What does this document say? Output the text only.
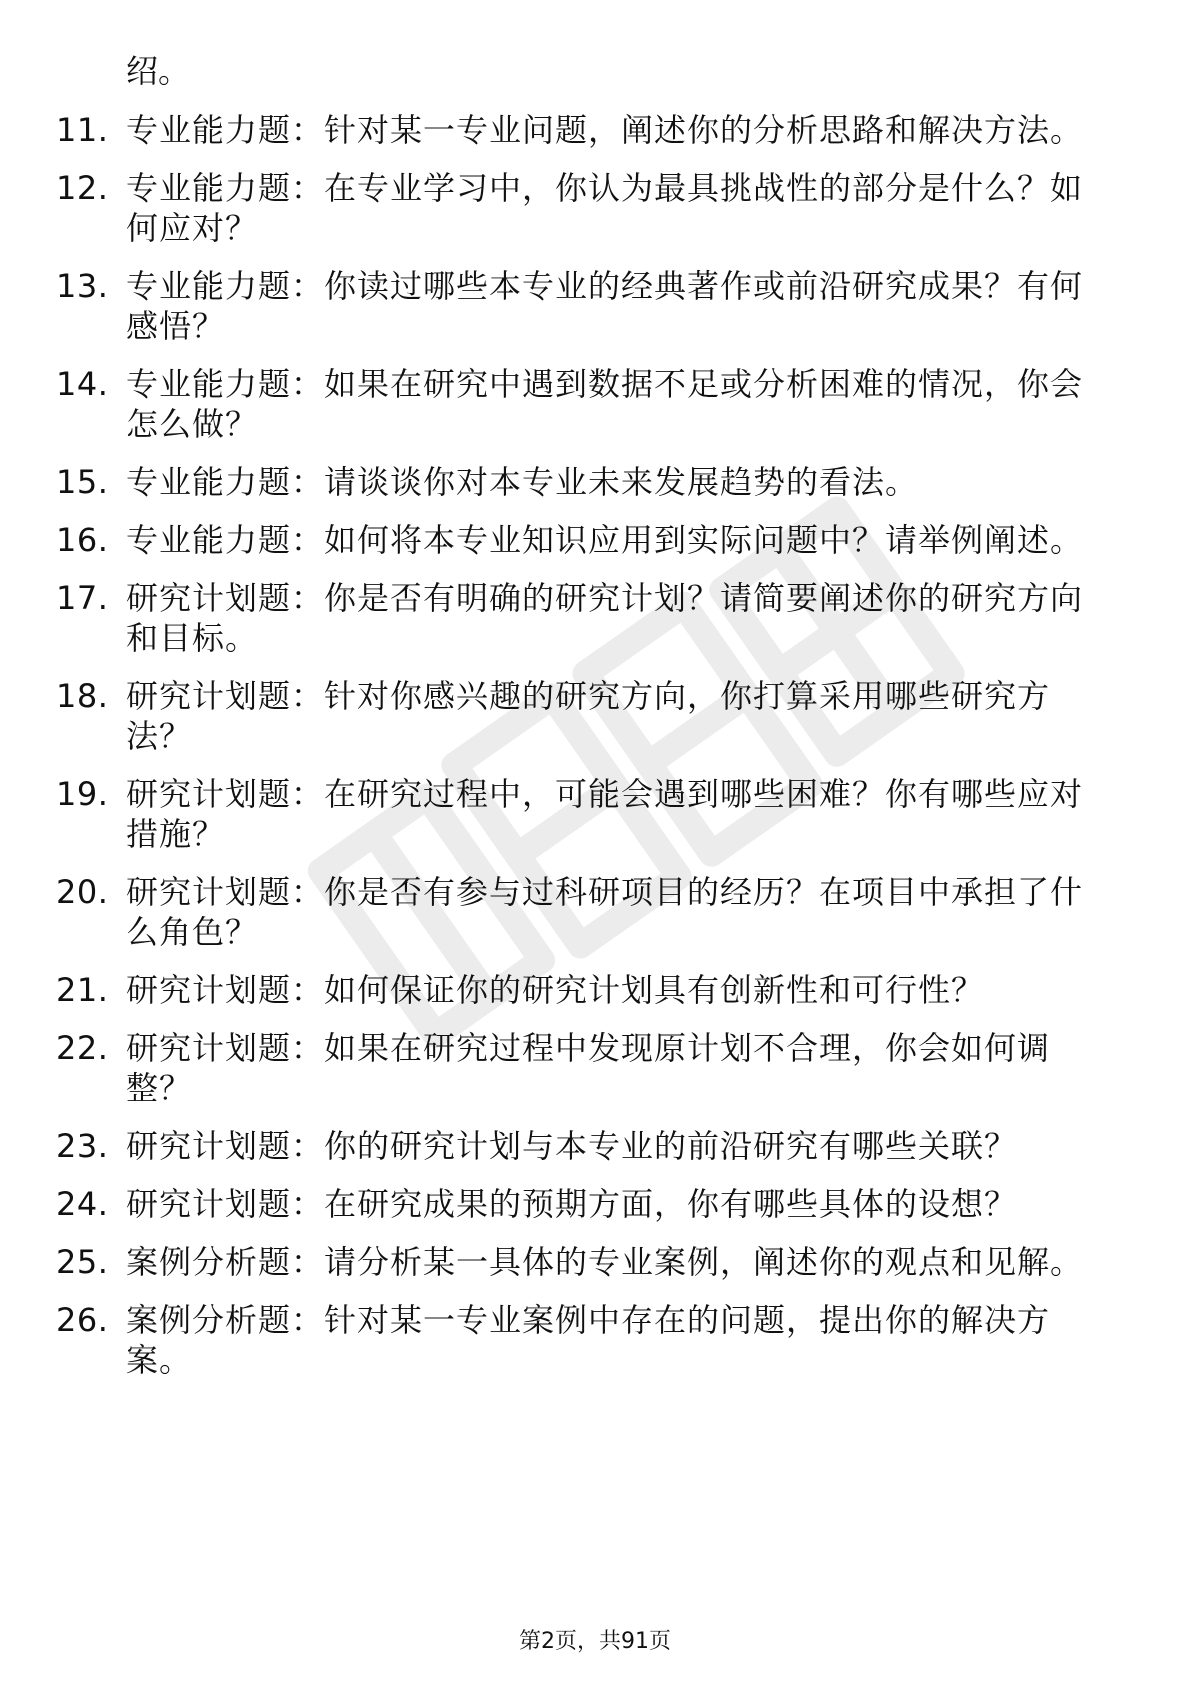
绍。

11. 专业能力题：针对某一专业问题，阐述你的分析思路和解决方法。
12. 专业能力题：在专业学习中，你认为最具挑战性的部分是什么？如何应对？
13. 专业能力题：你读过哪些本专业的经典著作或前沿研究成果？有何感悟？
14. 专业能力题：如果在研究中遇到数据不足或分析困难的情况，你会怎么做？
15. 专业能力题：请谈谈你对本专业未来发展趋势的看法。
16. 专业能力题：如何将本专业知识应用到实际问题中？请举例阐述。
17. 研究计划题：你是否有明确的研究计划？请简要阐述你的研究方向和目标。
18. 研究计划题：针对你感兴趣的研究方向，你打算采用哪些研究方法？
19. 研究计划题：在研究过程中，可能会遇到哪些困难？你有哪些应对措施？
20. 研究计划题：你是否有参与过科研项目的经历？在项目中承担了什么角色？
21. 研究计划题：如何保证你的研究计划具有创新性和可行性？
22. 研究计划题：如果在研究过程中发现原计划不合理，你会如何调整？
23. 研究计划题：你的研究计划与本专业的前沿研究有哪些关联？
24. 研究计划题：在研究成果的预期方面，你有哪些具体的设想？
25. 案例分析题：请分析某一具体的专业案例，阐述你的观点和见解。
26. 案例分析题：针对某一专业案例中存在的问题，提出你的解决方案。
第2页，共91页
